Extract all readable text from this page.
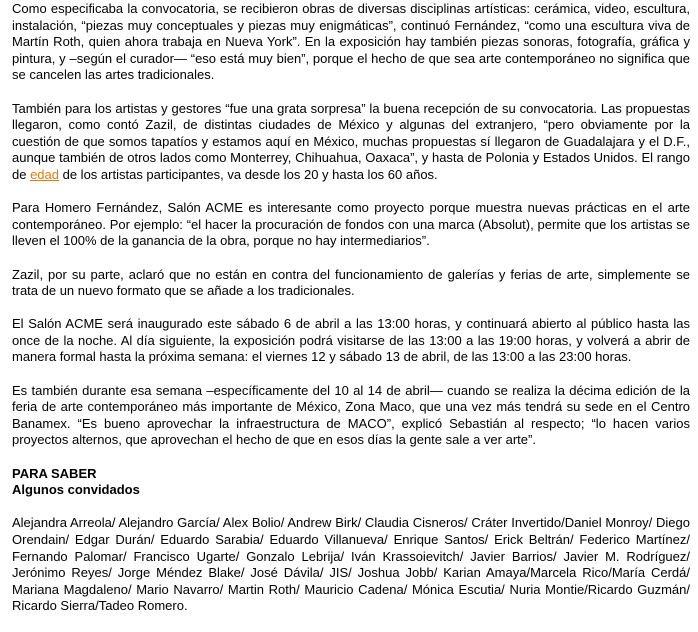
Como especificaba la convocatoria, se recibieron obras de diversas disciplinas artísticas: cerámica, video, escultura, instalación, “piezas muy conceptuales y piezas muy enigmáticas”, continuó Fernández, “como una escultura viva de Martín Roth, quien ahora trabaja en Nueva York”. En la exposición hay también piezas sonoras, fotografía, gráfica y pintura, y –según el curador— “eso está muy bien”, porque el hecho de que sea arte contemporáneo no significa que se cancelen las artes tradicionales.

También para los artistas y gestores “fue una grata sorpresa” la buena recepción de su convocatoria. Las propuestas llegaron, como contó Zazil, de distintas ciudades de México y algunas del extranjero, “pero obviamente por la cuestión de que somos tapatíos y estamos aquí en México, muchas propuestas sí llegaron de Guadalajara y el D.F., aunque también de otros lados como Monterrey, Chihuahua, Oaxaca”, y hasta de Polonia y Estados Unidos. El rango de edad de los artistas participantes, va desde los 20 y hasta los 60 años.

Para Homero Fernández, Salón ACME es interesante como proyecto porque muestra nuevas prácticas en el arte contemporáneo. Por ejemplo: “el hacer la procuración de fondos con una marca (Absolut), permite que los artistas se lleven el 100% de la ganancia de la obra, porque no hay intermediarios”.

Zazil, por su parte, aclaró que no están en contra del funcionamiento de galerías y ferias de arte, simplemente se trata de un nuevo formato que se añade a los tradicionales.

El Salón ACME será inaugurado este sábado 6 de abril a las 13:00 horas, y continuará abierto al público hasta las once de la noche. Al día siguiente, la exposición podrá visitarse de las 13:00 a las 19:00 horas, y volverá a abrir de manera formal hasta la próxima semana: el viernes 12 y sábado 13 de abril, de las 13:00 a las 23:00 horas.

Es también durante esa semana –específicamente del 10 al 14 de abril— cuando se realiza la décima edición de la feria de arte contemporáneo más importante de México, Zona Maco, que una vez más tendrá su sede en el Centro Banamex. “Es bueno aprovechar la infraestructura de MACO”, explicó Sebastián al respecto; “lo hacen varios proyectos alternos, que aprovechan el hecho de que en esos días la gente sale a ver arte”.

PARA SABER
Algunos convidados

Alejandra Arreola/ Alejandro García/ Alex Bolio/ Andrew Birk/ Claudia Cisneros/ Cráter Invertido/Daniel Monroy/ Diego Orendain/ Edgar Durán/ Eduardo Sarabia/ Eduardo Villanueva/ Enrique Santos/ Erick Beltrán/ Federico Martínez/ Fernando Palomar/ Francisco Ugarte/ Gonzalo Lebrija/ Iván Krassoievitch/ Javier Barrios/ Javier M. Rodríguez/ Jerónimo Reyes/ Jorge Méndez Blake/ José Dávila/ JIS/ Joshua Jobb/ Karian Amaya/Marcela Rico/María Cerdá/ Mariana Magdaleno/ Mario Navarro/ Martin Roth/ Mauricio Cadena/ Mónica Escutia/ Nuria Montie/Ricardo Guzmán/ Ricardo Sierra/Tadeo Romero.
